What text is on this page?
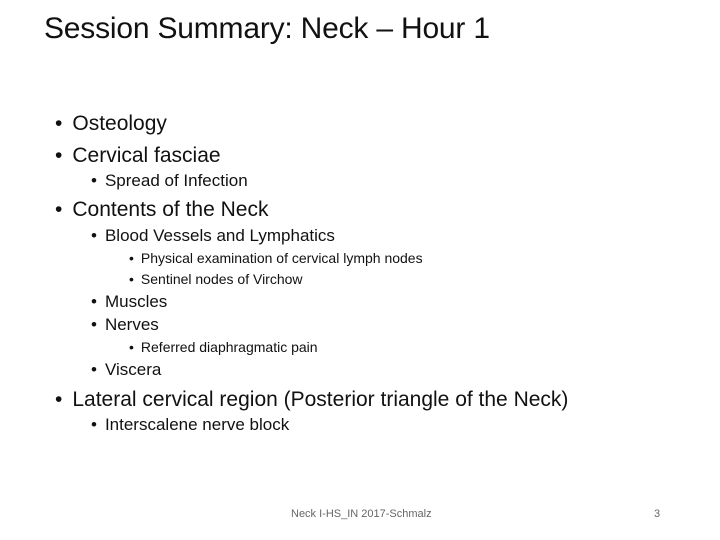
Session Summary: Neck – Hour 1
• Osteology
• Cervical fasciae
• Spread of Infection
• Contents of the Neck
• Blood Vessels and Lymphatics
• Physical examination of cervical lymph nodes
• Sentinel nodes of Virchow
• Muscles
• Nerves
• Referred diaphragmatic pain
• Viscera
• Lateral cervical region (Posterior triangle of the Neck)
• Interscalene nerve block
Neck I-HS_IN 2017-Schmalz	3
